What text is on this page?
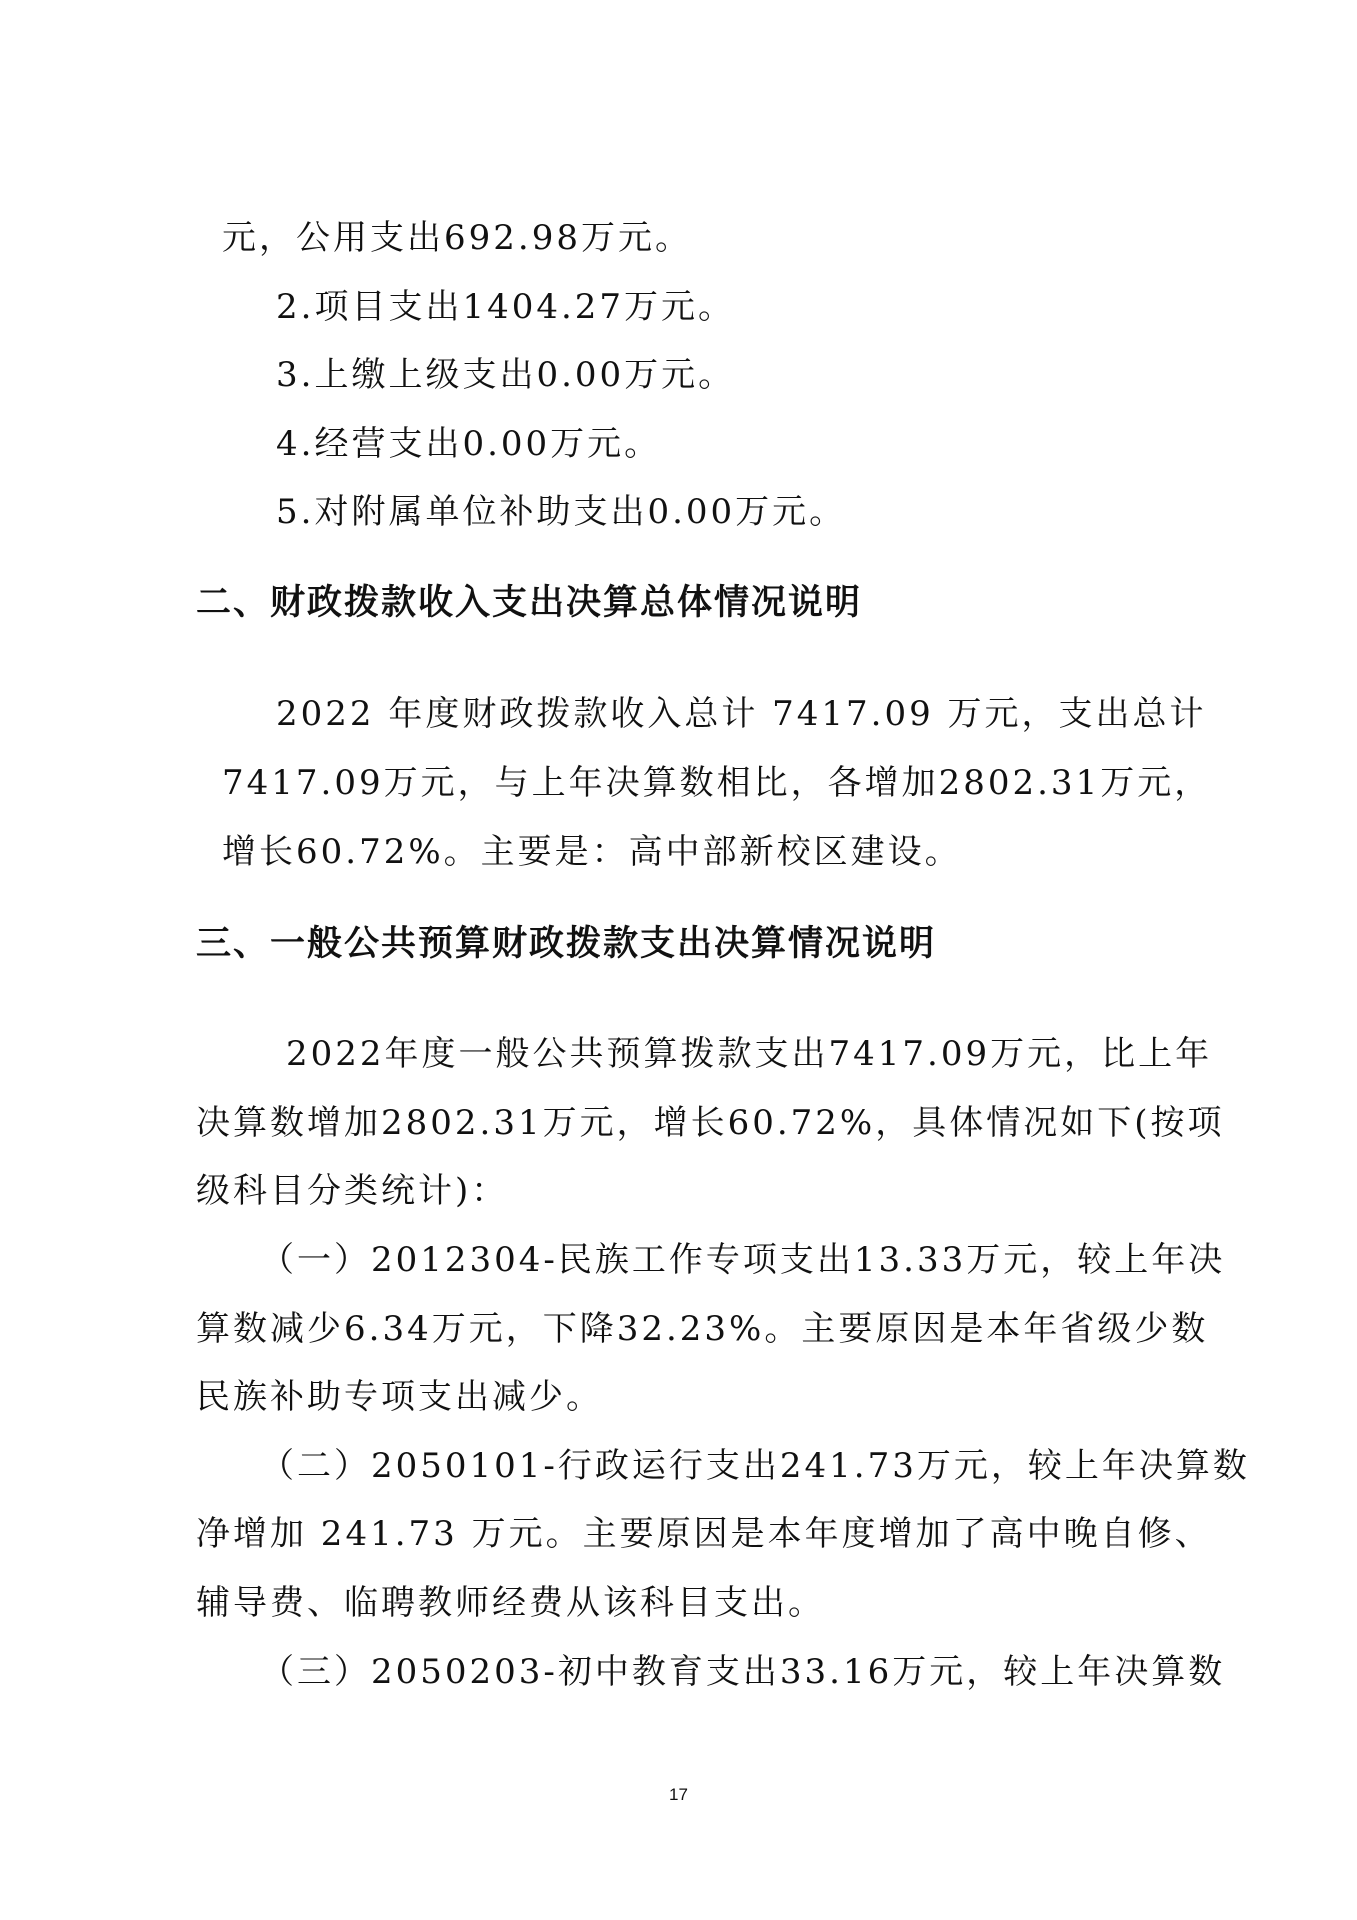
元，公用支出692.98万元。
2.项目支出1404.27万元。
3.上缴上级支出0.00万元。
4.经营支出0.00万元。
5.对附属单位补助支出0.00万元。
二、财政拨款收入支出决算总体情况说明
2022 年度财政拨款收入总计 7417.09 万元，支出总计
7417.09万元，与上年决算数相比，各增加2802.31万元，
增长60.72%。主要是：高中部新校区建设。
三、一般公共预算财政拨款支出决算情况说明
2022年度一般公共预算拨款支出7417.09万元，比上年
决算数增加2802.31万元，增长60.72%，具体情况如下(按项
级科目分类统计)：
（一）2012304-民族工作专项支出13.33万元，较上年决
算数减少6.34万元，下降32.23%。主要原因是本年省级少数
民族补助专项支出减少。
（二）2050101-行政运行支出241.73万元，较上年决算数
净增加 241.73 万元。主要原因是本年度增加了高中晚自修、
辅导费、临聘教师经费从该科目支出。
（三）2050203-初中教育支出33.16万元，较上年决算数
17
